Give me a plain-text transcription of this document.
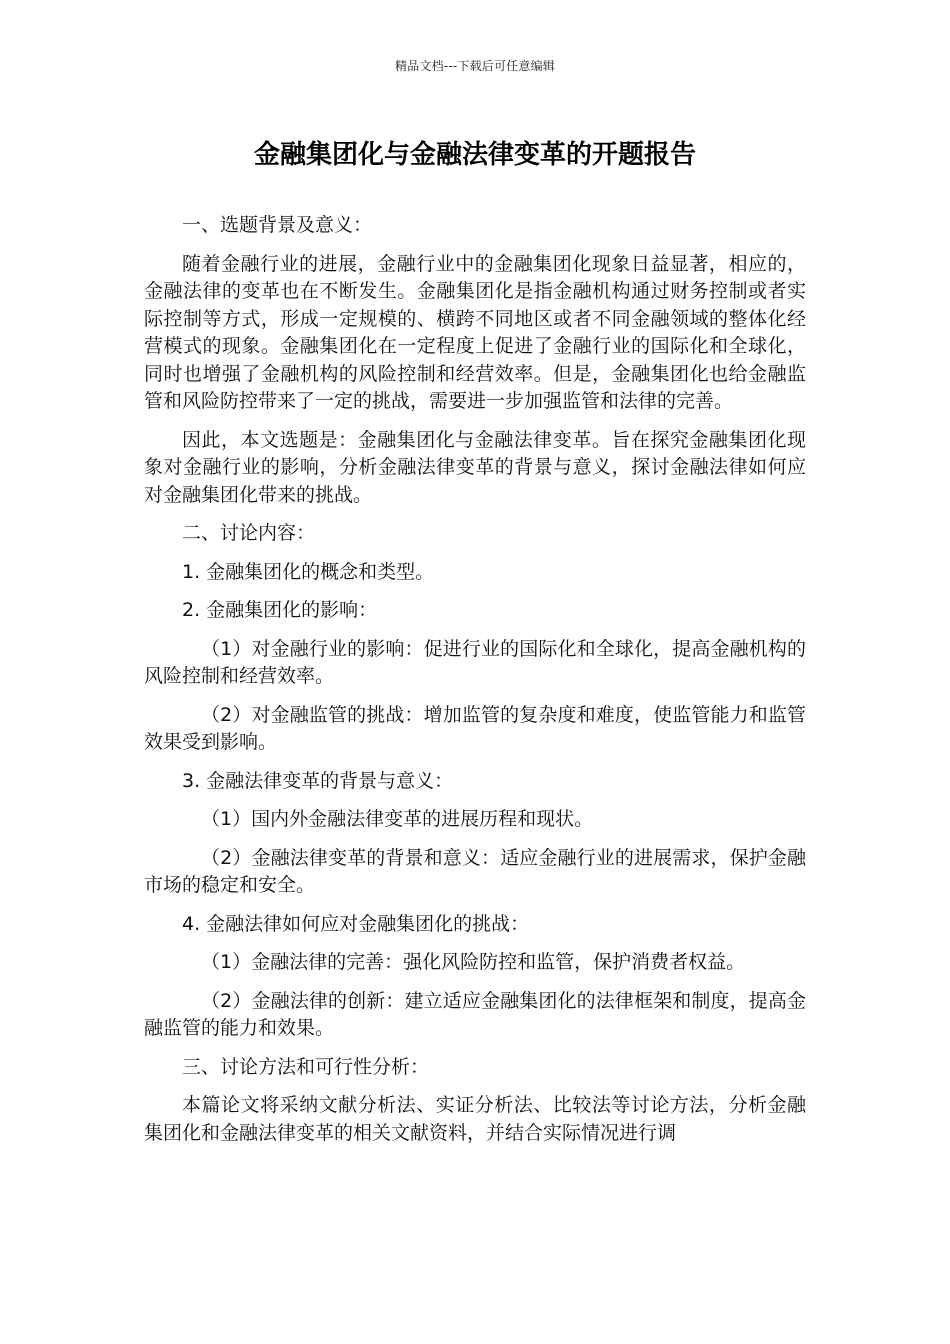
精品文档---下载后可任意编辑
金融集团化与金融法律变革的开题报告

一、选题背景及意义：

随着金融行业的进展，金融行业中的金融集团化现象日益显著，相应的，金融法律的变革也在不断发生。金融集团化是指金融机构通过财务控制或者实际控制等方式，形成一定规模的、横跨不同地区或者不同金融领域的整体化经营模式的现象。金融集团化在一定程度上促进了金融行业的国际化和全球化，同时也增强了金融机构的风险控制和经营效率。但是，金融集团化也给金融监管和风险防控带来了一定的挑战，需要进一步加强监管和法律的完善。

因此，本文选题是：金融集团化与金融法律变革。旨在探究金融集团化现象对金融行业的影响，分析金融法律变革的背景与意义，探讨金融法律如何应对金融集团化带来的挑战。

二、讨论内容：

1. 金融集团化的概念和类型。

2. 金融集团化的影响：

（1）对金融行业的影响：促进行业的国际化和全球化，提高金融机构的风险控制和经营效率。

（2）对金融监管的挑战：增加监管的复杂度和难度，使监管能力和监管效果受到影响。

3. 金融法律变革的背景与意义：

（1）国内外金融法律变革的进展历程和现状。

（2）金融法律变革的背景和意义：适应金融行业的进展需求，保护金融市场的稳定和安全。

4. 金融法律如何应对金融集团化的挑战：

（1）金融法律的完善：强化风险防控和监管，保护消费者权益。

（2）金融法律的创新：建立适应金融集团化的法律框架和制度，提高金融监管的能力和效果。

三、讨论方法和可行性分析：

本篇论文将采纳文献分析法、实证分析法、比较法等讨论方法，分析金融集团化和金融法律变革的相关文献资料，并结合实际情况进行调
